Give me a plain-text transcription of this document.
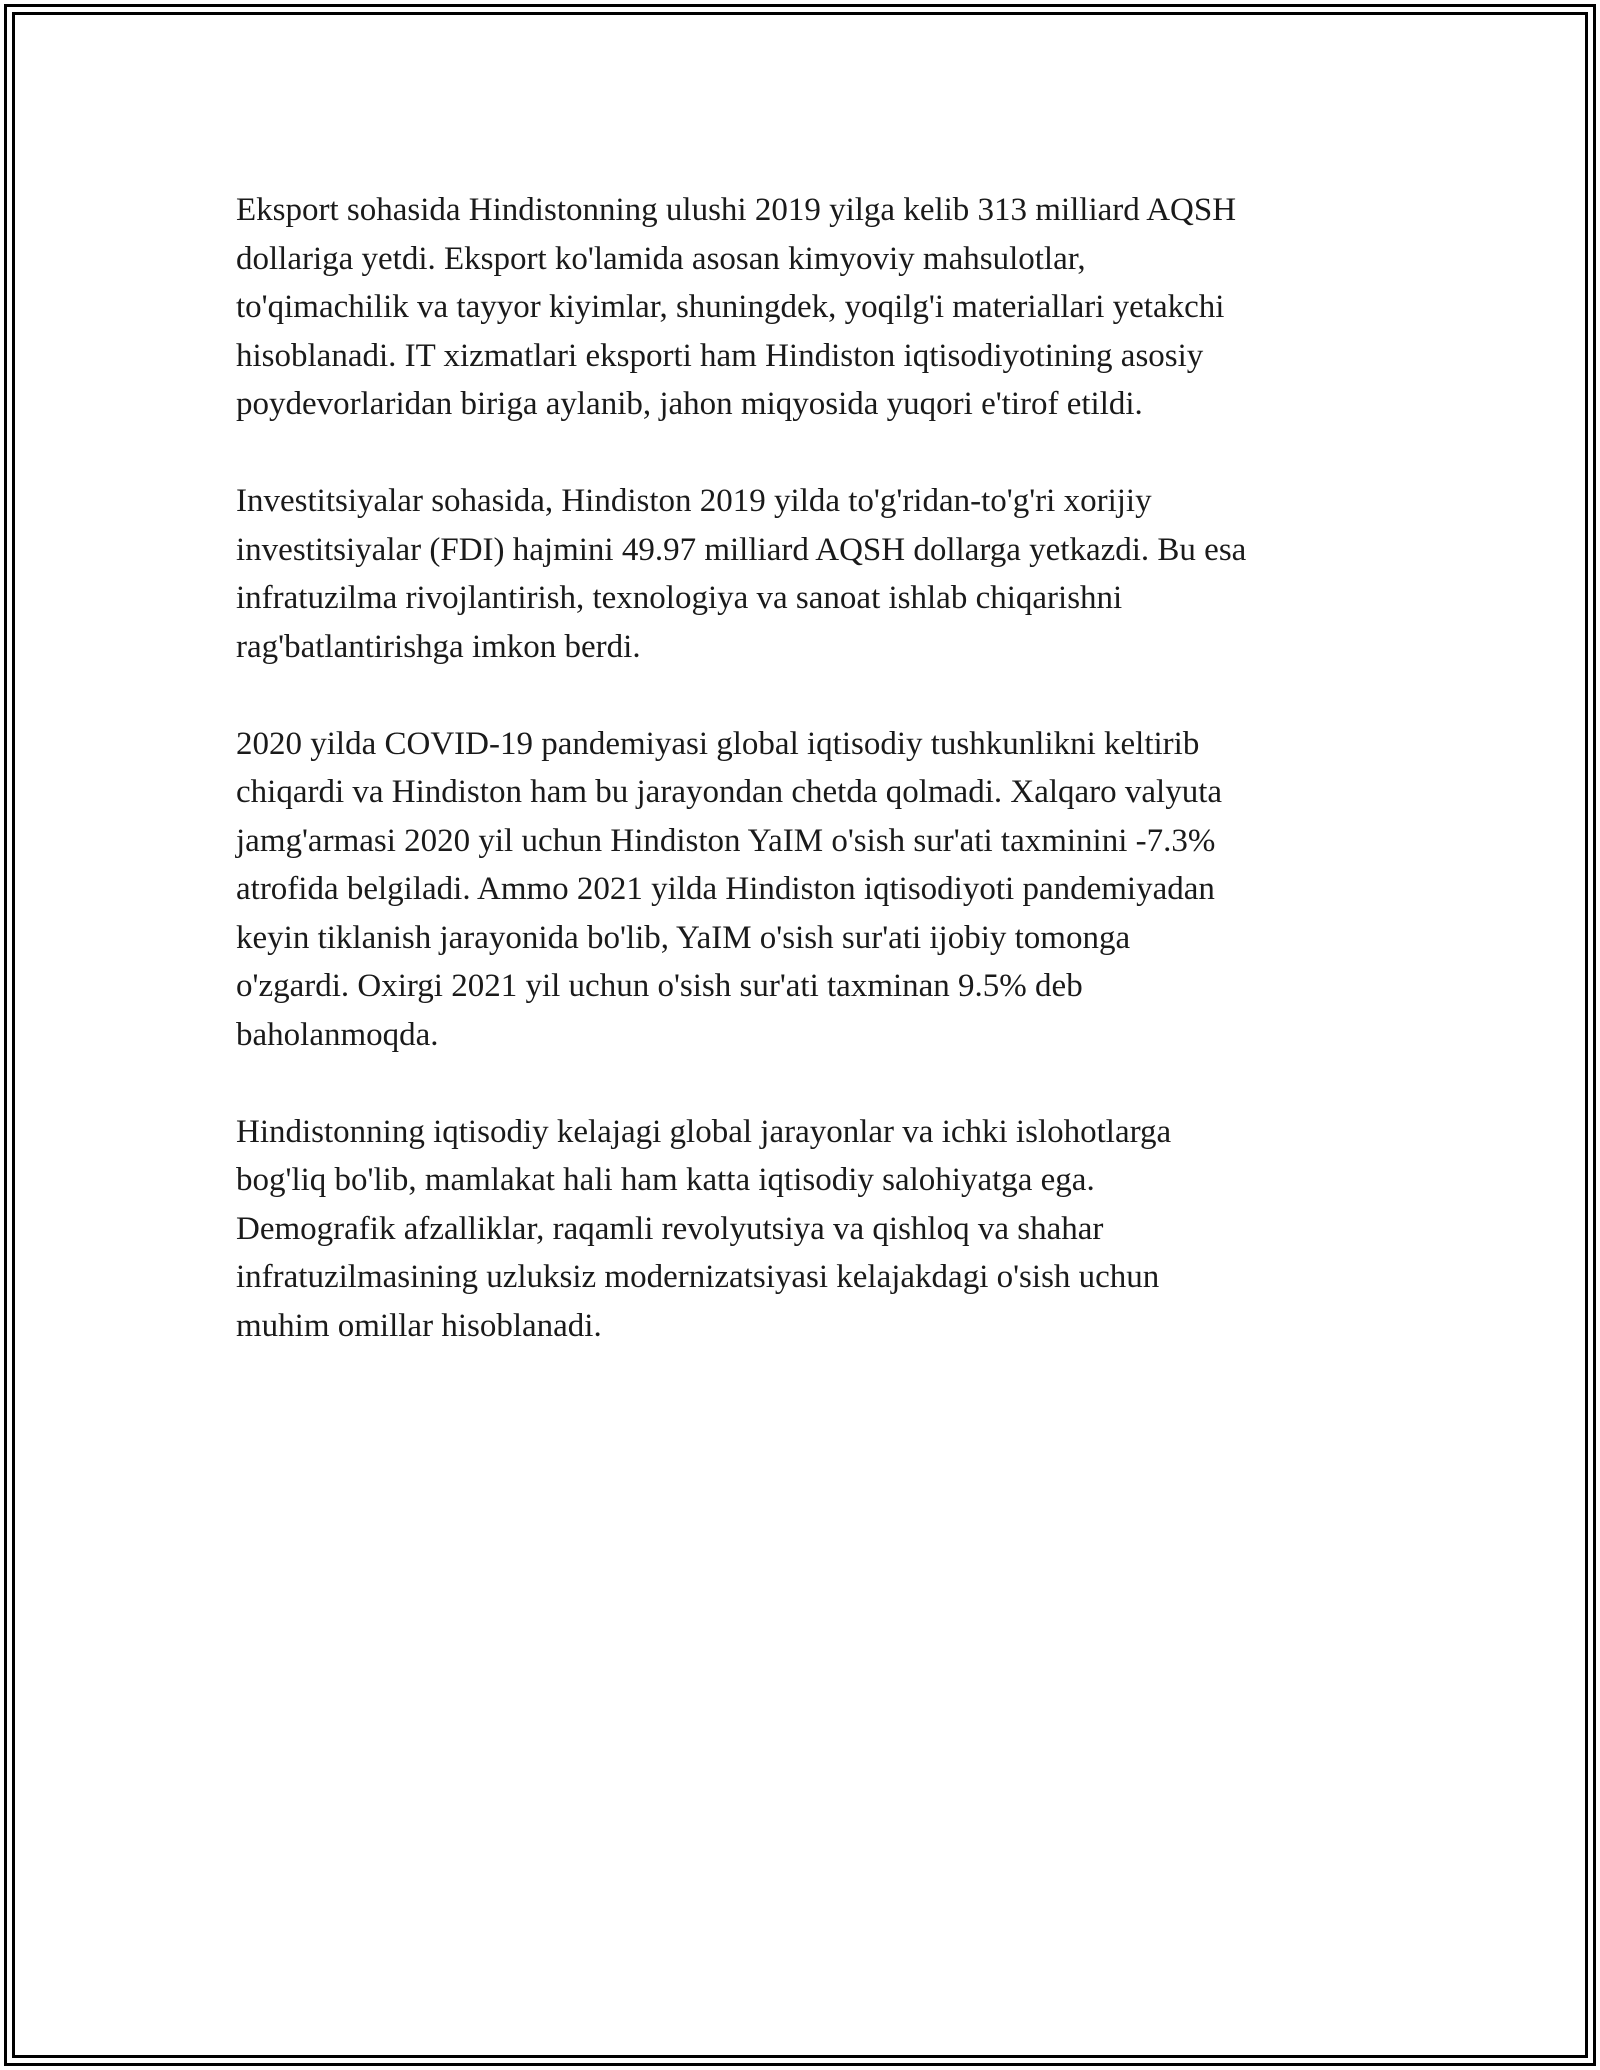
Eksport sohasida Hindistonning ulushi 2019 yilga kelib 313 milliard AQSH
dollariga yetdi. Eksport ko'lamida asosan kimyoviy mahsulotlar,
to'qimachilik va tayyor kiyimlar, shuningdek, yoqilg'i materiallari yetakchi
hisoblanadi. IT xizmatlari eksporti ham Hindiston iqtisodiyotining asosiy
poydevorlaridan biriga aylanib, jahon miqyosida yuqori e'tirof etildi.

Investitsiyalar sohasida, Hindiston 2019 yilda to'g'ridan-to'g'ri xorijiy
investitsiyalar (FDI) hajmini 49.97 milliard AQSH dollarga yetkazdi. Bu esa
infratuzilma rivojlantirish, texnologiya va sanoat ishlab chiqarishni
rag'batlantirishga imkon berdi.

2020 yilda COVID-19 pandemiyasi global iqtisodiy tushkunlikni keltirib
chiqardi va Hindiston ham bu jarayondan chetda qolmadi. Xalqaro valyuta
jamg'armasi 2020 yil uchun Hindiston YaIM o'sish sur'ati taxminini -7.3%
atrofida belgiladi. Ammo 2021 yilda Hindiston iqtisodiyoti pandemiyadan
keyin tiklanish jarayonida bo'lib, YaIM o'sish sur'ati ijobiy tomonga
o'zgardi. Oxirgi 2021 yil uchun o'sish sur'ati taxminan 9.5% deb
baholanmoqda.

Hindistonning iqtisodiy kelajagi global jarayonlar va ichki islohotlarga
bog'liq bo'lib, mamlakat hali ham katta iqtisodiy salohiyatga ega.
Demografik afzalliklar, raqamli revolyutsiya va qishloq va shahar
infratuzilmasining uzluksiz modernizatsiyasi kelajakdagi o'sish uchun
muhim omillar hisoblanadi.
